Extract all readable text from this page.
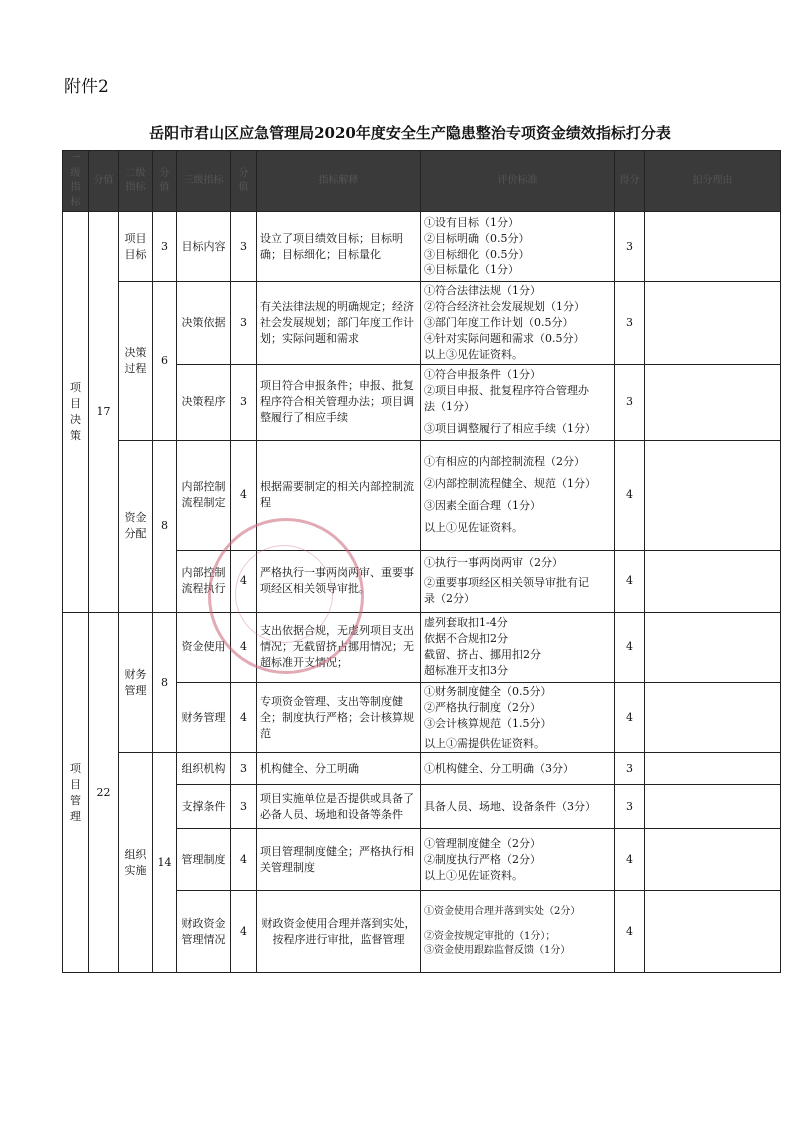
附件2
岳阳市君山区应急管理局2020年度安全生产隐患整治专项资金绩效指标打分表
一级指标	分值	二级指标	分值	三级指标	分值	指标解释	评价标准	得分	扣分理由
项目决策	17	项目目标	3	目标内容	3	设立了项目绩效目标；目标明确；目标细化；目标量化	①设有目标（1分）
②目标明确（0.5分）
③目标细化（0.5分）
④目标量化（1分）	3	
		决策过程	6	决策依据	3	有关法律法规的明确规定；经济社会发展规划；部门年度工作计划；实际问题和需求	①符合法律法规（1分）
②符合经济社会发展规划（1分）
③部门年度工作计划（0.5分）
④针对实际问题和需求（0.5分）
以上③见佐证资料。	3	
				决策程序	3	项目符合申报条件；申报、批复程序符合相关管理办法；项目调整履行了相应手续	①符合申报条件（1分）
②项目申报、批复程序符合管理办
法（1分）
③项目调整履行了相应手续（1分）	3	
		资金分配	8	内部控制流程制定	4	根据需要制定的相关内部控制流程	①有相应的内部控制流程（2分）
②内部控制流程健全、规范（1分）
③因素全面合理（1分）
以上①见佐证资料。	4	
				内部控制流程执行	4	严格执行一事两岗两审、重要事项经区相关领导审批。	①执行一事两岗两审（2分）
②重要事项经区相关领导审批有记
录（2分）	4	
项目管理	22	财务管理	8	资金使用	4	支出依据合规，无虚列项目支出情况；无截留挤占挪用情况；无超标准开支情况；	虚列套取扣1-4分
依据不合规扣2分
截留、挤占、挪用扣2分
超标准开支扣3分	4	
				财务管理	4	专项资金管理、支出等制度健全；制度执行严格；会计核算规范	①财务制度健全（0.5分）
②严格执行制度（2分）
③会计核算规范（1.5分）
以上①需提供佐证资料。	4	
		组织实施	14	组织机构	3	机构健全、分工明确	①机构健全、分工明确（3分）	3	
				支撑条件	3	项目实施单位是否提供或具备了必备人员、场地和设备等条件	具备人员、场地、设备条件（3分）	3	
				管理制度	4	项目管理制度健全；严格执行相关管理制度	①管理制度健全（2分）
②制度执行严格（2分）
以上①见佐证资料。	4	
				财政资金管理情况	4	财政资金使用合理并落到实处，按程序进行审批，监督管理	①资金使用合理并落到实处（2分）
②资金按规定审批的（1分）；
③资金使用跟踪监督反馈（1分）	4	
